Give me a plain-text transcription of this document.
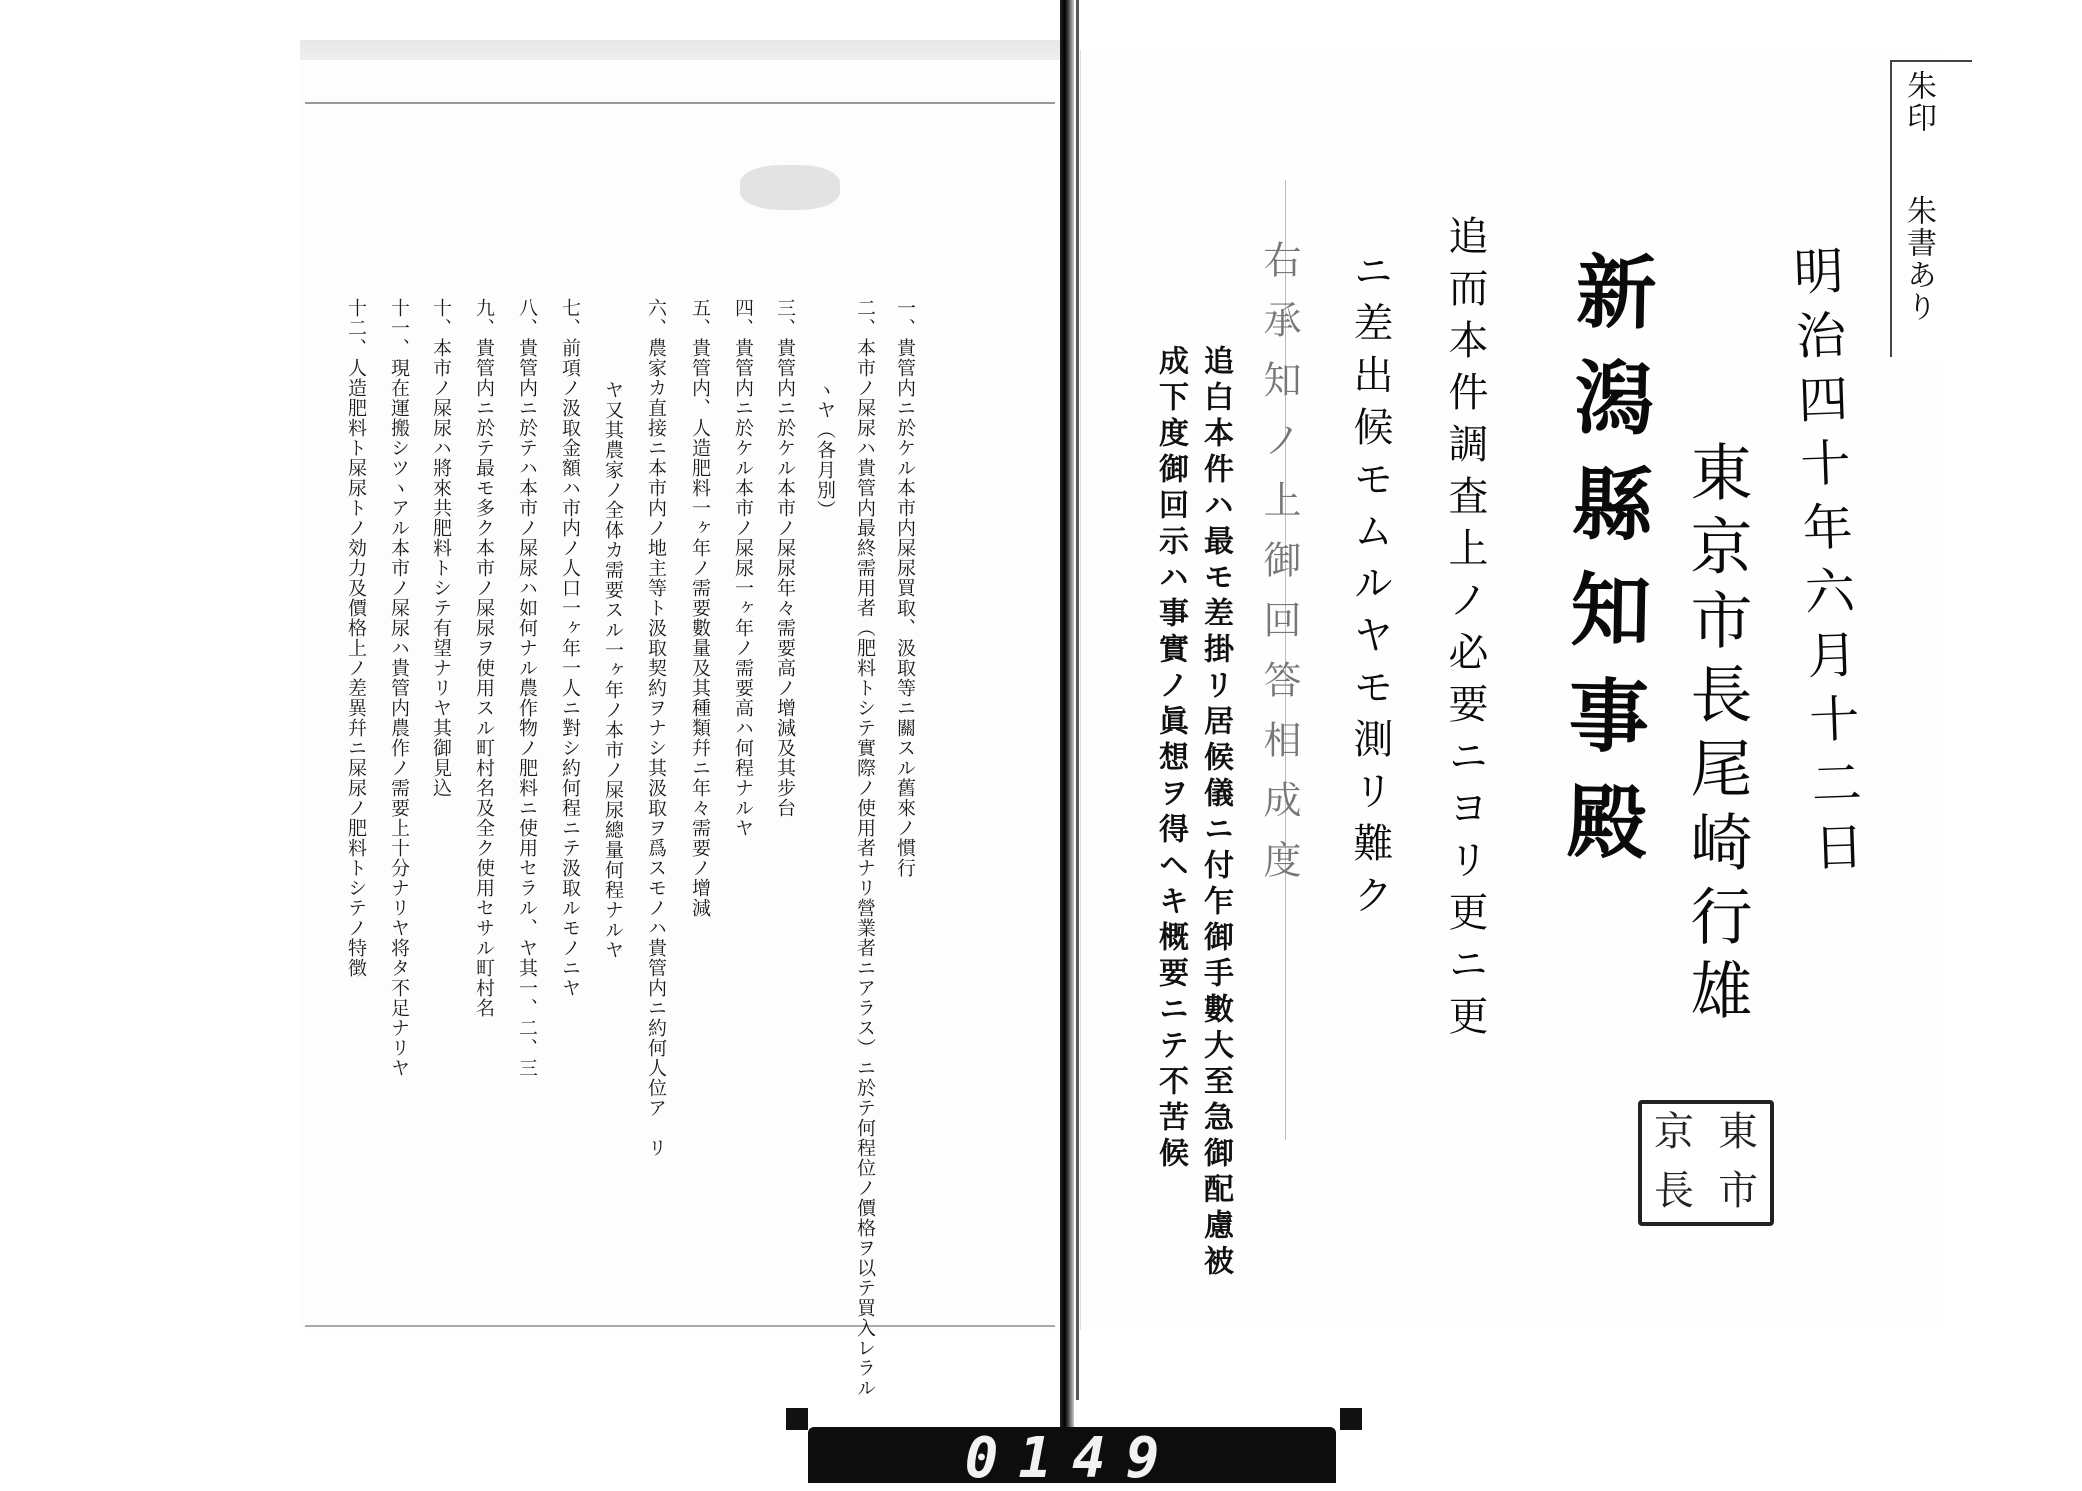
一、貴管内ニ於ケル本市内屎尿買取、汲取等ニ關スル舊來ノ慣行
二、本市ノ屎尿ハ貴管内最終需用者（肥料トシテ實際ノ使用者ナリ營業者ニアラス）ニ於テ何程位ノ價格ヲ以テ買入レラル
ヽヤ（各月別）
三、貴管内ニ於ケル本市ノ屎尿年々需要高ノ增減及其步台
四、貴管内ニ於ケル本市ノ屎尿一ヶ年ノ需要高ハ何程ナルヤ
五、貴管内、人造肥料一ヶ年ノ需要數量及其種類幷ニ年々需要ノ增減
六、農家カ直接ニ本市内ノ地主等ト汲取契約ヲナシ其汲取ヲ爲スモノハ貴管内ニ約何人位ア　リ
ヤ又其農家ノ全体カ需要スル一ヶ年ノ本市ノ屎尿總量何程ナルヤ
七、前項ノ汲取金額ハ市内ノ人口一ヶ年一人ニ對シ約何程ニテ汲取ルモノニヤ
八、貴管内ニ於テハ本市ノ屎尿ハ如何ナル農作物ノ肥料ニ使用セラル、ヤ其一、二、三
九、貴管内ニ於テ最モ多ク本市ノ屎尿ヲ使用スル町村名及全ク使用セサル町村名
十、本市ノ屎尿ハ將來共肥料トシテ有望ナリヤ其御見込
十一、現在運搬シツヽアル本市ノ屎尿ハ貴管内農作ノ需要上十分ナリヤ将タ不足ナリヤ
十二、人造肥料ト屎尿トノ効力及價格上ノ差異幷ニ屎尿ノ肥料トシテノ特徴	明治四十年六月十二日
東京市長尾崎行雄
新潟縣知事殿
追而本件調査上ノ必要ニヨリ更ニ更
ニ差出候モムルヤモ測リ難ク
右承知ノ上御回答相成度
追白本件ハ最モ差掛リ居候儀ニ付乍御手數大至急御配慮被
成下度御回示ハ事實ノ眞想ヲ得ヘキ概要ニテ不苦候	京 東
長 市
朱印
朱書あり
0149
